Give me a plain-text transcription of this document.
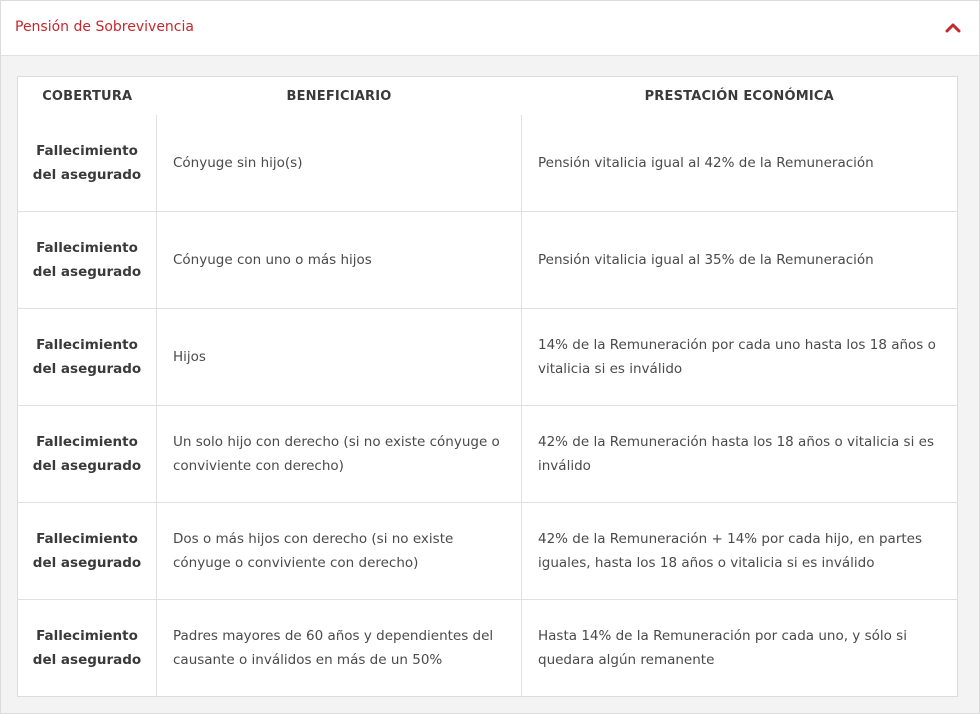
Pensión de Sobrevivencia
COBERTURA	BENEFICIARIO	PRESTACIÓN ECONÓMICA
Fallecimiento del asegurado	Cónyuge sin hijo(s)	Pensión vitalicia igual al 42% de la Remuneración
Fallecimiento del asegurado	Cónyuge con uno o más hijos	Pensión vitalicia igual al 35% de la Remuneración
Fallecimiento del asegurado	Hijos	14% de la Remuneración por cada uno hasta los 18 años o vitalicia si es inválido
Fallecimiento del asegurado	Un solo hijo con derecho (si no existe cónyuge o conviviente con derecho)	42% de la Remuneración hasta los 18 años o vitalicia si es inválido
Fallecimiento del asegurado	Dos o más hijos con derecho (si no existe cónyuge o conviviente con derecho)	42% de la Remuneración + 14% por cada hijo, en partes iguales, hasta los 18 años o vitalicia si es inválido
Fallecimiento del asegurado	Padres mayores de 60 años y dependientes del causante o inválidos en más de un 50%	Hasta 14% de la Remuneración por cada uno, y sólo si quedara algún remanente
